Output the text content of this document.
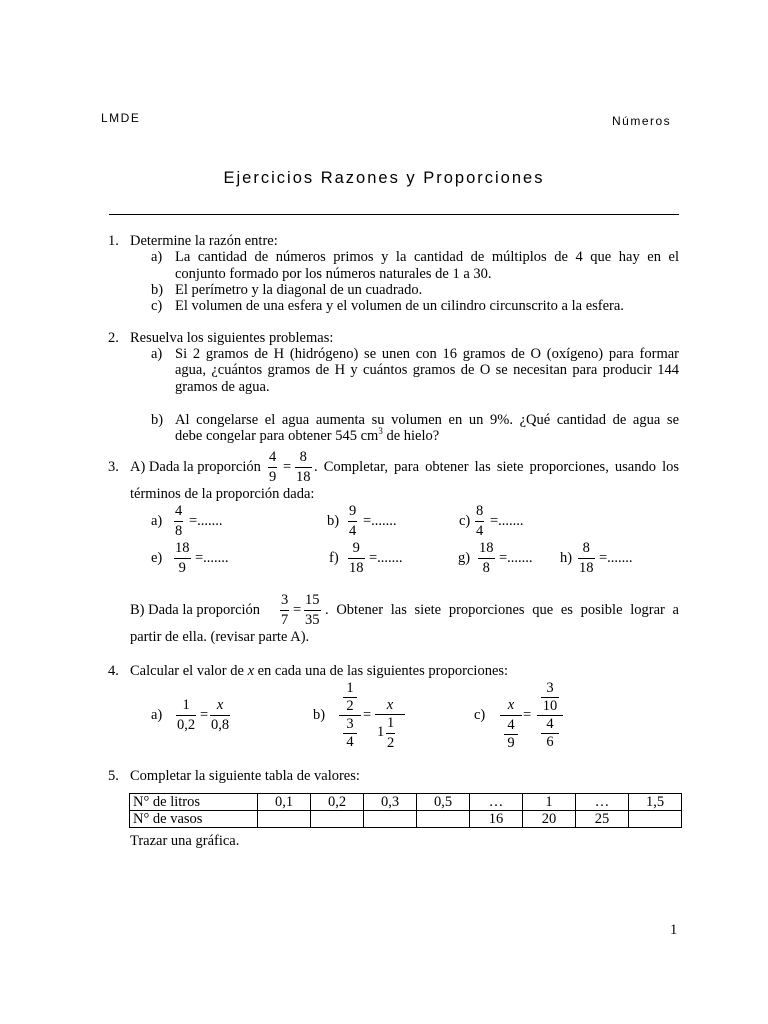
LMDE	Números
Ejercicios Razones y Proporciones
1. Determine la razón entre:
a) La cantidad de números primos y la cantidad de múltiplos de 4 que hay en el
conjunto formado por los números naturales de 1 a 30.
b) El perímetro y la diagonal de un cuadrado.
c) El volumen de una esfera y el volumen de un cilindro circunscrito a la esfera.
2. Resuelva los siguientes problemas:
a) Si 2 gramos de H (hidrógeno) se unen con 16 gramos de O (oxígeno) para formar
agua, ¿cuántos gramos de H y cuántos gramos de O se necesitan para producir 144
gramos de agua.
b) Al congelarse el agua aumenta su volumen en un 9%. ¿Qué cantidad de agua se
debe congelar para obtener 545 $cm^3$ de hielo?
3. A) Dada la proporción
4
9
=
8
18
. Completar, para obtener las siete proporciones, usando los
términos de la proporción dada:
a)
4
8
=.......	b)
9
4
=.......	c)
8
4
=.......
e)
18
9
=.......	f)
9
18
=.......	g)
18
8
=....... h)
8
18
=.......
B) Dada la proporción
3
7
=
15
35
. Obtener las siete proporciones que es posible lograr a
partir de ella. (revisar parte A).
4. Calcular el valor de x en cada una de las siguientes proporciones:
a)
1
0,2
=
x
0,8
b)
1
2
3
4
=
x
1
1
2
c)
x
4
9
=
3
10
4
6
5. Completar la siguiente tabla de valores:
N° de litros	0,1	0,2	0,3	0,5	…	1	…	1,5
N° de vasos					16	20	25	
Trazar una gráfica.
1
